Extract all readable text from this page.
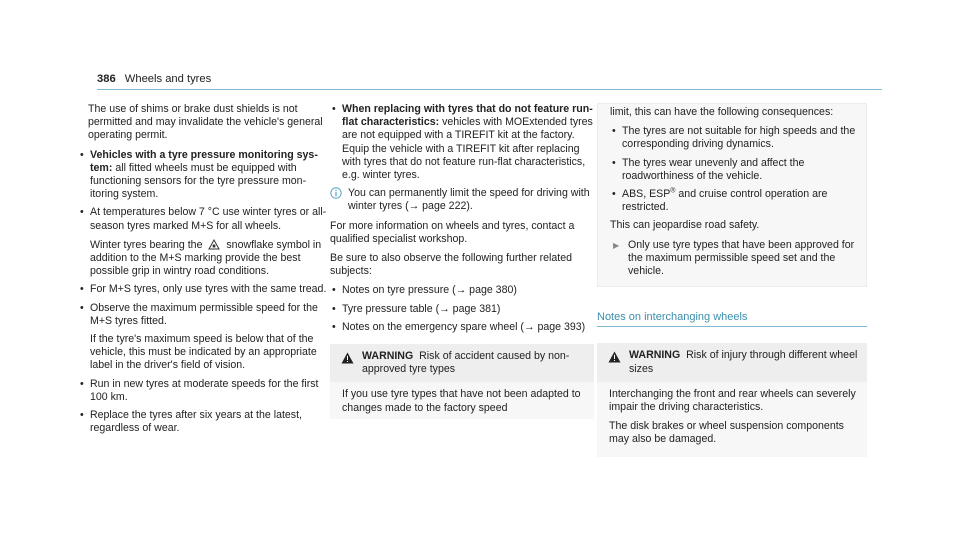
386 Wheels and tyres

The use of shims or brake dust shields is not permitted and may invalidate the vehicle's general operating permit.

• Vehicles with a tyre pressure monitoring system: all fitted wheels must be equipped with functioning sensors for the tyre pressure monitoring system.
• At temperatures below 7 °C use winter tyres or all-season tyres marked M+S for all wheels.
Winter tyres bearing the snowflake symbol in addition to the M+S marking provide the best possible grip in wintry road conditions.
• For M+S tyres, only use tyres with the same tread.
• Observe the maximum permissible speed for the M+S tyres fitted.
If the tyre's maximum speed is below that of the vehicle, this must be indicated by an appropriate label in the driver's field of vision.
• Run in new tyres at moderate speeds for the first 100 km.
• Replace the tyres after six years at the latest, regardless of wear.
• When replacing with tyres that do not feature run-flat characteristics: vehicles with MOExtended tyres are not equipped with a TIREFIT kit at the factory. Equip the vehicle with a TIREFIT kit after replacing with tyres that do not feature run-flat characteristics, e.g. winter tyres.
You can permanently limit the speed for driving with winter tyres (→ page 222).

For more information on wheels and tyres, contact a qualified specialist workshop.

Be sure to also observe the following further related subjects:

• Notes on tyre pressure (→ page 380)
• Tyre pressure table (→ page 381)
• Notes on the emergency spare wheel (→ page 393)
WARNING Risk of accident caused by non-approved tyre types
If you use tyre types that have not been adapted to changes made to the factory speed

limit, this can have the following consequences:

• The tyres are not suitable for high speeds and the corresponding driving dynamics.
• The tyres wear unevenly and affect the roadworthiness of the vehicle.
• ABS, ESP® and cruise control operation are restricted.

This can jeopardise road safety.

▶ Only use tyre types that have been approved for the maximum permissible speed set and the vehicle.
Notes on interchanging wheels
WARNING Risk of injury through different wheel sizes

Interchanging the front and rear wheels can severely impair the driving characteristics.

The disk brakes or wheel suspension components may also be damaged.
